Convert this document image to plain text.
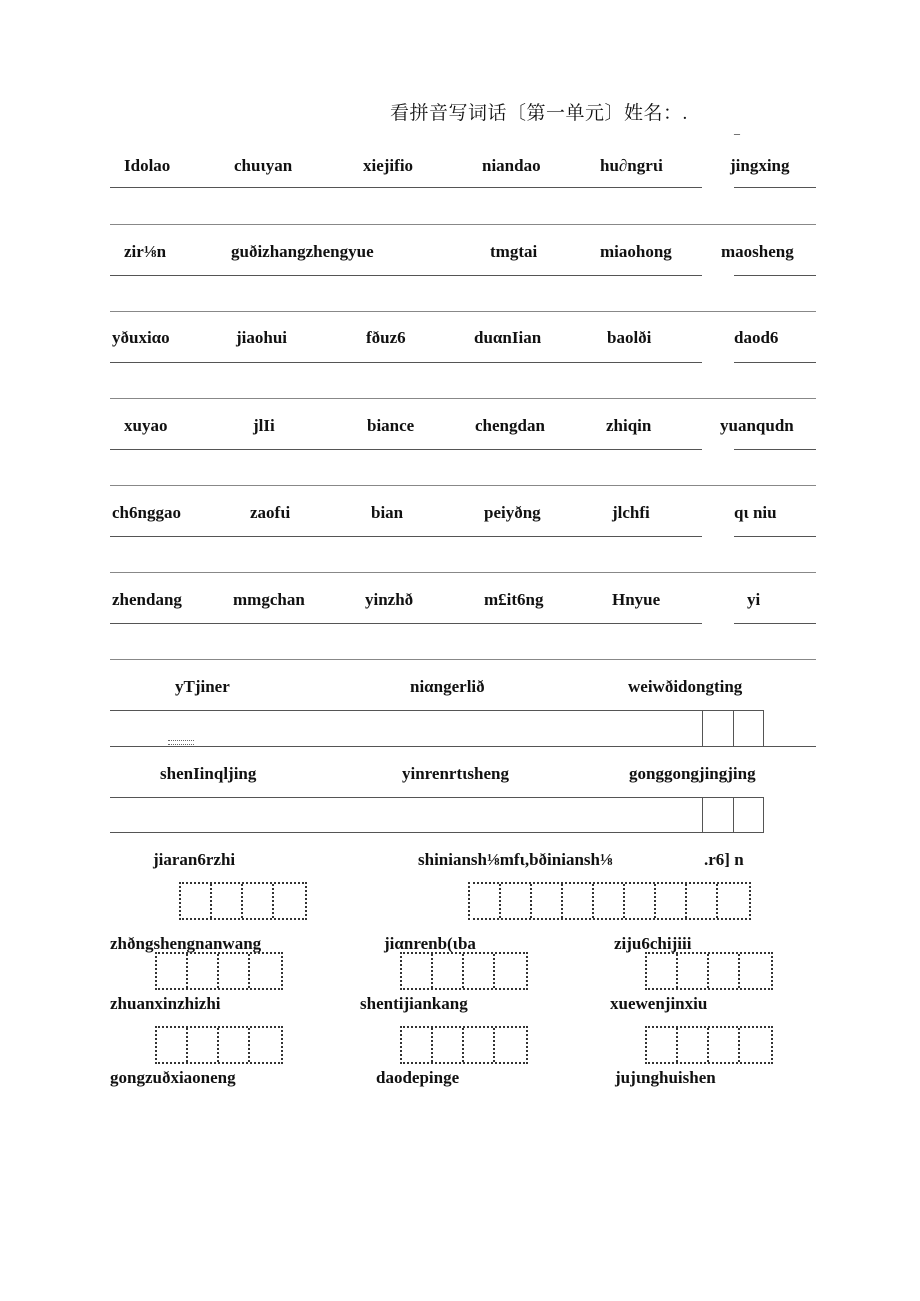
看拼音写词话〔第一单元〕姓名：.
–
Idolao	chuιyan	xiejifio	niandao	hu∂ngrιi	jingxing
zir⅛n	guðizhangzhengyue	tmgtai	miaohong	maosheng
yðuxiαo	jiaohui	fðuz6	duαnIian	baolði	daod6
xuyao	jlIi	biance	chengdan	zhiqin	yuanqudn
ch6nggao	zaofιi	bian	peiyðng	jlchfi	qι niu
zhendang	mmgchan	yinzhð	m£it6ng	Hnyue	yi
yTjiner	niαngerlið	weiwðidongting
shenIinqljing	yinrenrtιsheng	gonggongjingjing
jiaran6rzhi	shiniansh⅛mfι,bðiniansh⅛	.r6] n
zhðngshengnanwang	jiαnrenb(ιba	ziju6chijiii
zhuanxinzhizhi	shentijiankang	xuewenjinxiu
gongzuðxiaoneng	daodepinge	jujιnghuishen
